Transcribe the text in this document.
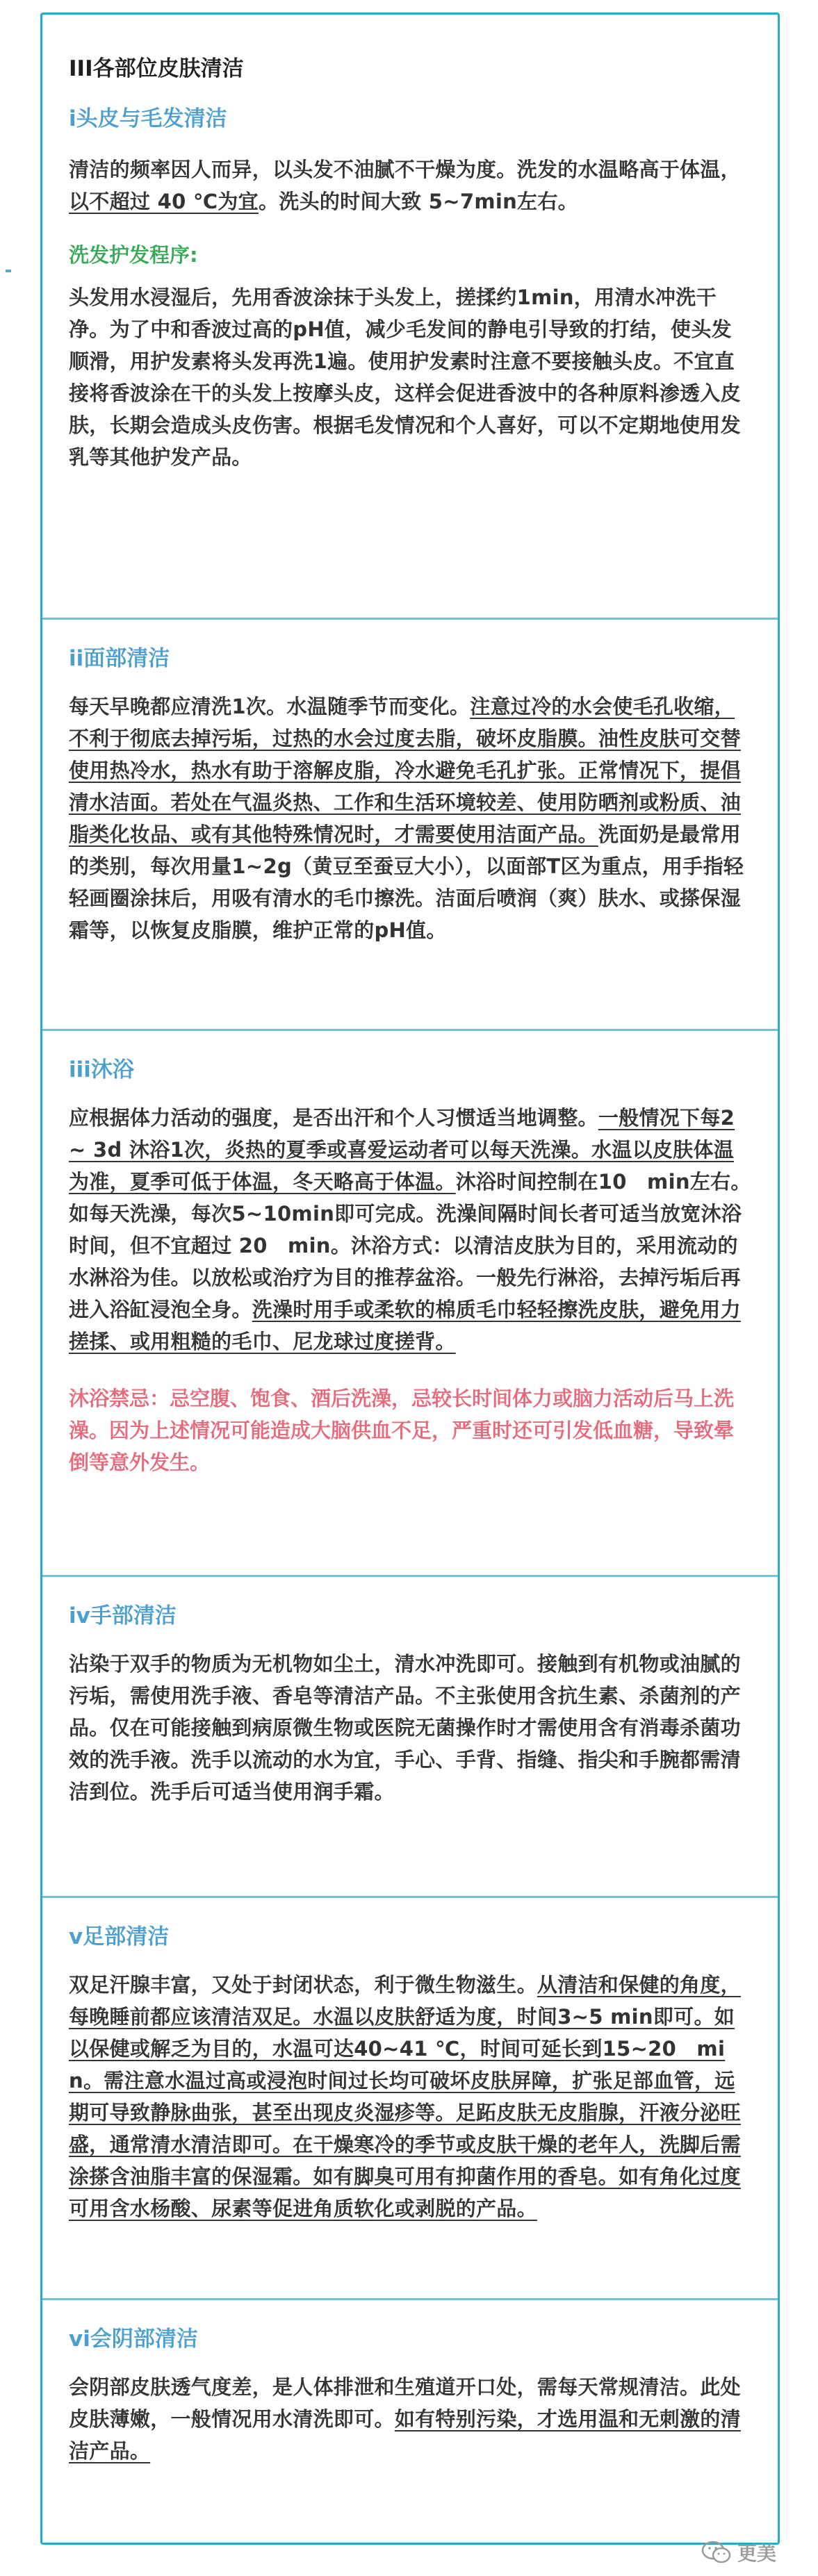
III各部位皮肤清洁

i头皮与毛发清洁

清洁的频率因人而异，以头发不油腻不干燥为度。洗发的水温略高于体温，以不超过 40 ℃为宜。洗头的时间大致 5~7min左右。

洗发护发程序:

头发用水浸湿后，先用香波涂抹于头发上，搓揉约1min，用清水冲洗干净。为了中和香波过高的pH值，减少毛发间的静电引导致的打结，使头发顺滑，用护发素将头发再洗1遍。使用护发素时注意不要接触头皮。不宜直接将香波涂在干的头发上按摩头皮，这样会促进香波中的各种原料渗透入皮肤，长期会造成头皮伤害。根据毛发情况和个人喜好，可以不定期地使用发乳等其他护发产品。

ii面部清洁

每天早晚都应清洗1次。水温随季节而变化。注意过冷的水会使毛孔收缩，不利于彻底去掉污垢，过热的水会过度去脂，破坏皮脂膜。油性皮肤可交替使用热冷水，热水有助于溶解皮脂，冷水避免毛孔扩张。正常情况下，提倡清水洁面。若处在气温炎热、工作和生活环境较差、使用防晒剂或粉质、油脂类化妆品、或有其他特殊情况时，才需要使用洁面产品。洗面奶是最常用的类别，每次用量1~2g（黄豆至蚕豆大小），以面部T区为重点，用手指轻轻画圈涂抹后，用吸有清水的毛巾擦洗。洁面后喷润（爽）肤水、或搽保湿霜等，以恢复皮脂膜，维护正常的pH值。

iii沐浴

应根据体力活动的强度，是否出汗和个人习惯适当地调整。一般情况下每2~ 3d 沐浴1次，炎热的夏季或喜爱运动者可以每天洗澡。水温以皮肤体温为准，夏季可低于体温，冬天略高于体温。沐浴时间控制在10　min左右。如每天洗澡，每次5~10min即可完成。洗澡间隔时间长者可适当放宽沐浴时间，但不宜超过 20　min。沐浴方式：以清洁皮肤为目的，采用流动的水淋浴为佳。以放松或治疗为目的推荐盆浴。一般先行淋浴，去掉污垢后再进入浴缸浸泡全身。洗澡时用手或柔软的棉质毛巾轻轻擦洗皮肤，避免用力搓揉、或用粗糙的毛巾、尼龙球过度搓背。

沐浴禁忌：忌空腹、饱食、酒后洗澡，忌较长时间体力或脑力活动后马上洗澡。因为上述情况可能造成大脑供血不足，严重时还可引发低血糖，导致晕倒等意外发生。

iv手部清洁

沾染于双手的物质为无机物如尘土，清水冲洗即可。接触到有机物或油腻的污垢，需使用洗手液、香皂等清洁产品。不主张使用含抗生素、杀菌剂的产品。仅在可能接触到病原微生物或医院无菌操作时才需使用含有消毒杀菌功效的洗手液。洗手以流动的水为宜，手心、手背、指缝、指尖和手腕都需清洁到位。洗手后可适当使用润手霜。

v足部清洁

双足汗腺丰富，又处于封闭状态，利于微生物滋生。从清洁和保健的角度，每晚睡前都应该清洁双足。水温以皮肤舒适为度，时间3~5 min即可。如以保健或解乏为目的，水温可达40~41 ℃，时间可延长到15~20　min。需注意水温过高或浸泡时间过长均可破坏皮肤屏障，扩张足部血管，远期可导致静脉曲张，甚至出现皮炎湿疹等。足跖皮肤无皮脂腺，汗液分泌旺盛，通常清水清洁即可。在干燥寒冷的季节或皮肤干燥的老年人，洗脚后需涂搽含油脂丰富的保湿霜。如有脚臭可用有抑菌作用的香皂。如有角化过度可用含水杨酸、尿素等促进角质软化或剥脱的产品。

vi会阴部清洁

会阴部皮肤透气度差，是人体排泄和生殖道开口处，需每天常规清洁。此处皮肤薄嫩，一般情况用水清洗即可。如有特别污染，才选用温和无刺激的清洁产品。

更美
